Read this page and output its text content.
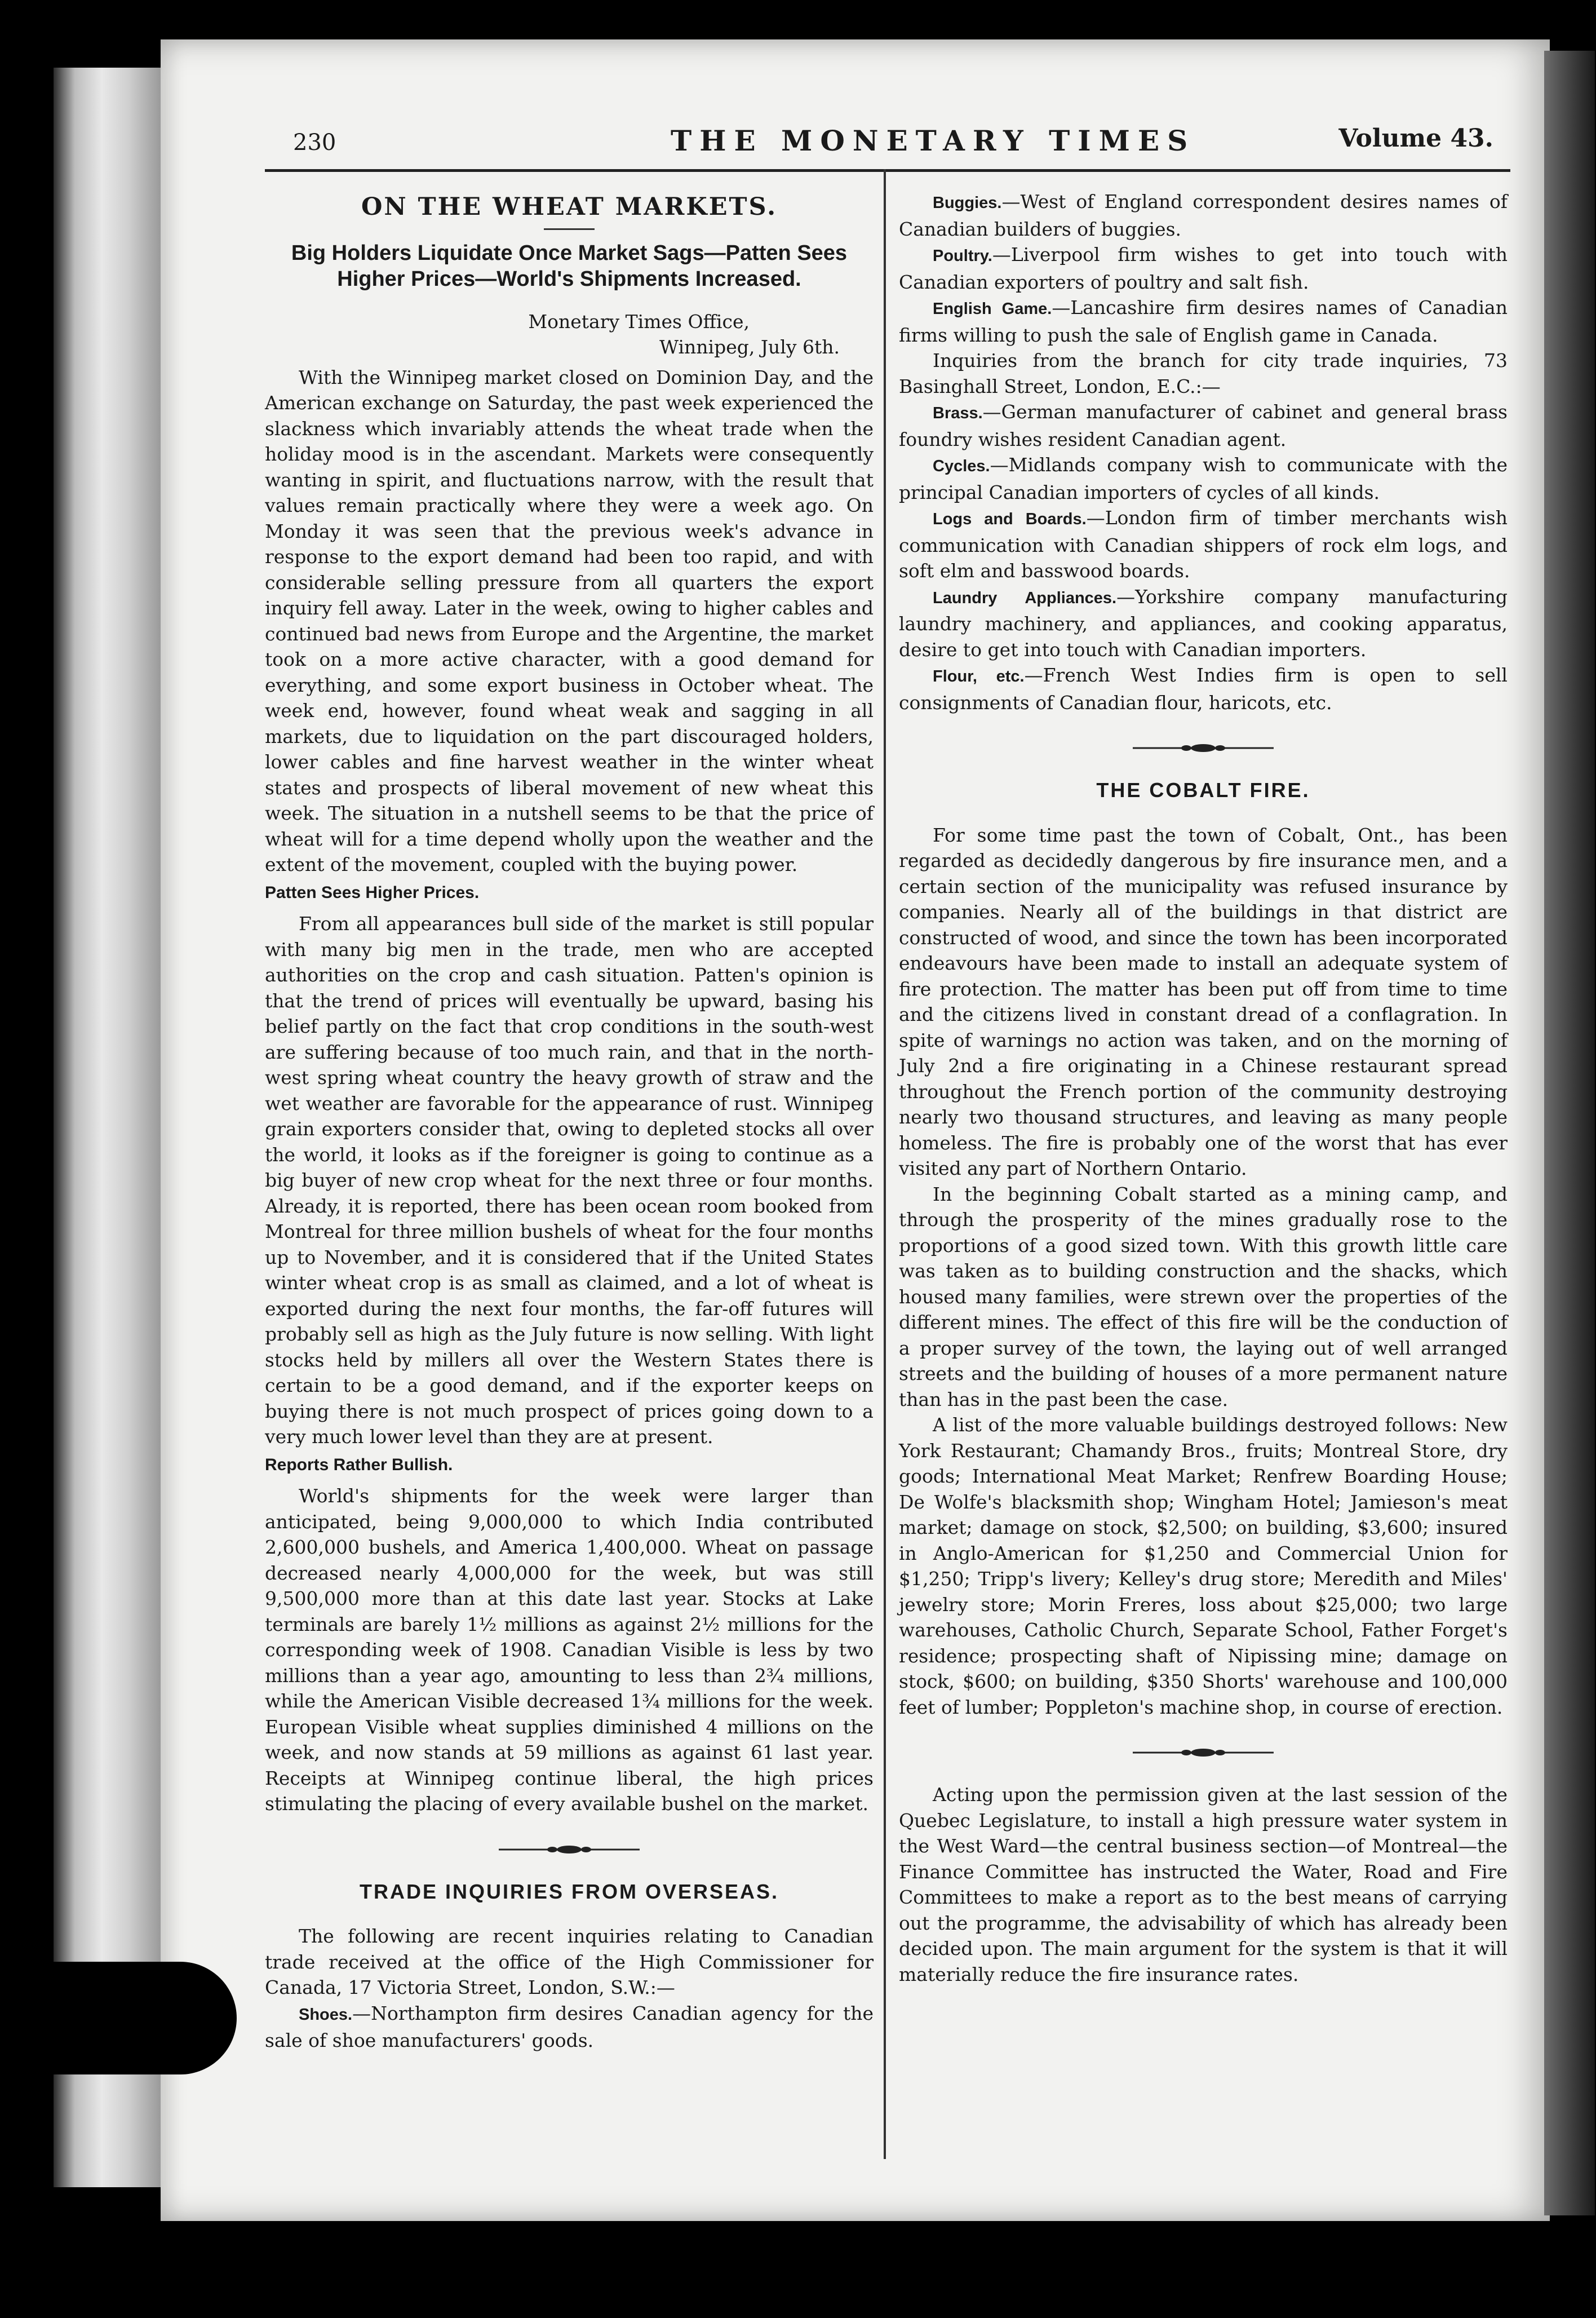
230	THE MONETARY TIMES	Volume 43.
ON THE WHEAT MARKETS.
Big Holders Liquidate Once Market Sags—Patten Sees
Higher Prices—World's Shipments Increased.
Monetary Times Office,
Winnipeg, July 6th.

With the Winnipeg market closed on Dominion Day, and the American exchange on Saturday, the past week experienced the slackness which invariably attends the wheat trade when the holiday mood is in the ascendant. Markets were consequently wanting in spirit, and fluctuations narrow, with the result that values remain practically where they were a week ago. On Monday it was seen that the previous week's advance in response to the export demand had been too rapid, and with considerable selling pressure from all quarters the export inquiry fell away. Later in the week, owing to higher cables and continued bad news from Europe and the Argentine, the market took on a more active character, with a good demand for everything, and some export business in October wheat. The week end, however, found wheat weak and sagging in all markets, due to liquidation on the part discouraged holders, lower cables and fine harvest weather in the winter wheat states and prospects of liberal movement of new wheat this week. The situation in a nutshell seems to be that the price of wheat will for a time depend wholly upon the weather and the extent of the movement, coupled with the buying power.

Patten Sees Higher Prices.

From all appearances bull side of the market is still popular with many big men in the trade, men who are accepted authorities on the crop and cash situation. Patten's opinion is that the trend of prices will eventually be upward, basing his belief partly on the fact that crop conditions in the south-west are suffering because of too much rain, and that in the north-west spring wheat country the heavy growth of straw and the wet weather are favorable for the appearance of rust. Winnipeg grain exporters consider that, owing to depleted stocks all over the world, it looks as if the foreigner is going to continue as a big buyer of new crop wheat for the next three or four months. Already, it is reported, there has been ocean room booked from Montreal for three million bushels of wheat for the four months up to November, and it is considered that if the United States winter wheat crop is as small as claimed, and a lot of wheat is exported during the next four months, the far-off futures will probably sell as high as the July future is now selling. With light stocks held by millers all over the Western States there is certain to be a good demand, and if the exporter keeps on buying there is not much prospect of prices going down to a very much lower level than they are at present.

Reports Rather Bullish.

World's shipments for the week were larger than anticipated, being 9,000,000 to which India contributed 2,600,000 bushels, and America 1,400,000. Wheat on passage decreased nearly 4,000,000 for the week, but was still 9,500,000 more than at this date last year. Stocks at Lake terminals are barely 1½ millions as against 2½ millions for the corresponding week of 1908. Canadian Visible is less by two millions than a year ago, amounting to less than 2¾ millions, while the American Visible decreased 1¾ millions for the week. European Visible wheat supplies diminished 4 millions on the week, and now stands at 59 millions as against 61 last year. Receipts at Winnipeg continue liberal, the high prices stimulating the placing of every available bushel on the market.

TRADE INQUIRIES FROM OVERSEAS.

The following are recent inquiries relating to Canadian trade received at the office of the High Commissioner for Canada, 17 Victoria Street, London, S.W.:—

Shoes.—Northampton firm desires Canadian agency for the sale of shoe manufacturers' goods.

Buggies.—West of England correspondent desires names of Canadian builders of buggies.

Poultry.—Liverpool firm wishes to get into touch with Canadian exporters of poultry and salt fish.

English Game.—Lancashire firm desires names of Canadian firms willing to push the sale of English game in Canada.

Inquiries from the branch for city trade inquiries, 73 Basinghall Street, London, E.C.:—

Brass.—German manufacturer of cabinet and general brass foundry wishes resident Canadian agent.

Cycles.—Midlands company wish to communicate with the principal Canadian importers of cycles of all kinds.

Logs and Boards.—London firm of timber merchants wish communication with Canadian shippers of rock elm logs, and soft elm and basswood boards.

Laundry Appliances.—Yorkshire company manufacturing laundry machinery, and appliances, and cooking apparatus, desire to get into touch with Canadian importers.

Flour, etc.—French West Indies firm is open to sell consignments of Canadian flour, haricots, etc.

THE COBALT FIRE.

For some time past the town of Cobalt, Ont., has been regarded as decidedly dangerous by fire insurance men, and a certain section of the municipality was refused insurance by companies. Nearly all of the buildings in that district are constructed of wood, and since the town has been incorporated endeavours have been made to install an adequate system of fire protection. The matter has been put off from time to time and the citizens lived in constant dread of a conflagration. In spite of warnings no action was taken, and on the morning of July 2nd a fire originating in a Chinese restaurant spread throughout the French portion of the community destroying nearly two thousand structures, and leaving as many people homeless. The fire is probably one of the worst that has ever visited any part of Northern Ontario.

In the beginning Cobalt started as a mining camp, and through the prosperity of the mines gradually rose to the proportions of a good sized town. With this growth little care was taken as to building construction and the shacks, which housed many families, were strewn over the properties of the different mines. The effect of this fire will be the conduction of a proper survey of the town, the laying out of well arranged streets and the building of houses of a more permanent nature than has in the past been the case.

A list of the more valuable buildings destroyed follows: New York Restaurant; Chamandy Bros., fruits; Montreal Store, dry goods; International Meat Market; Renfrew Boarding House; De Wolfe's blacksmith shop; Wingham Hotel; Jamieson's meat market; damage on stock, $2,500; on building, $3,600; insured in Anglo-American for $1,250 and Commercial Union for $1,250; Tripp's livery; Kelley's drug store; Meredith and Miles' jewelry store; Morin Freres, loss about $25,000; two large warehouses, Catholic Church, Separate School, Father Forget's residence; prospecting shaft of Nipissing mine; damage on stock, $600; on building, $350 Shorts' warehouse and 100,000 feet of lumber; Poppleton's machine shop, in course of erection.

Acting upon the permission given at the last session of the Quebec Legislature, to install a high pressure water system in the West Ward—the central business section—of Montreal—the Finance Committee has instructed the Water, Road and Fire Committees to make a report as to the best means of carrying out the programme, the advisability of which has already been decided upon. The main argument for the system is that it will materially reduce the fire insurance rates.
